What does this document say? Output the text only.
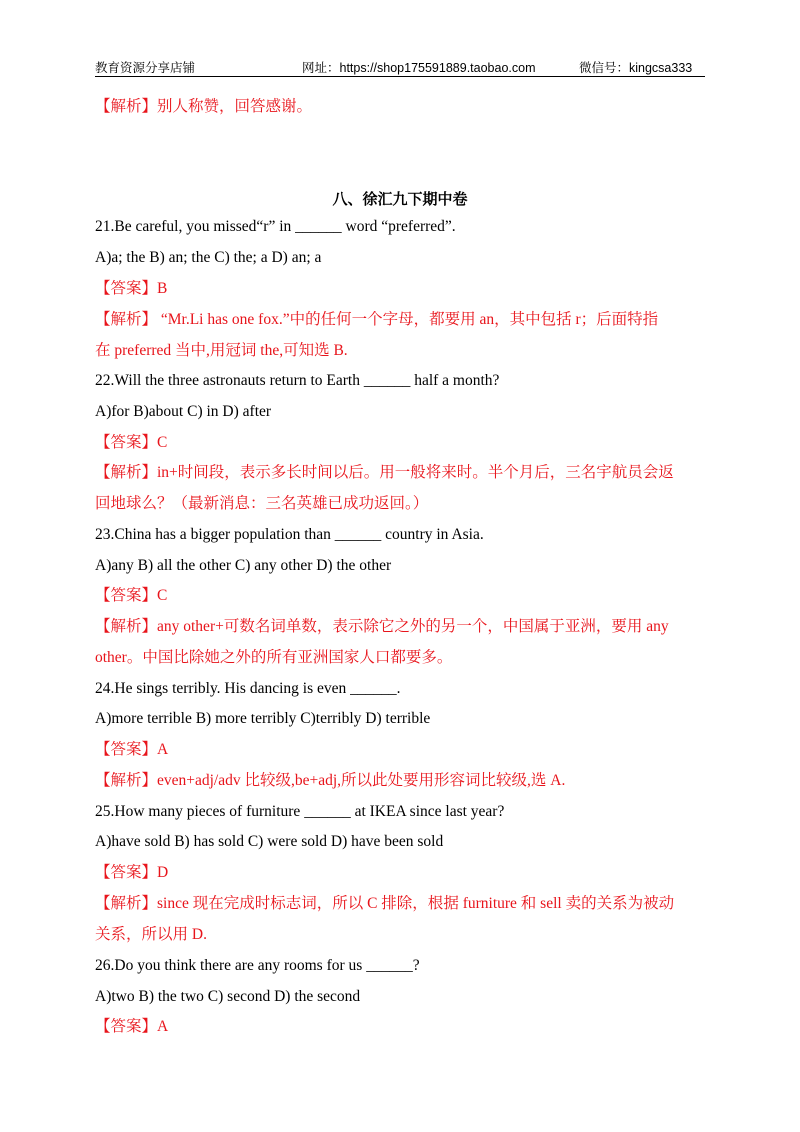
教育资源分享店铺	网址：https://shop175591889.taobao.com	微信号：kingcsa333
【解析】别人称赞，回答感谢。
八、徐汇九下期中卷
21.Be careful, you missed“r” in ______ word “preferred”.
A)a; the B) an; the C) the; a D) an; a
【答案】B
【解析】 “Mr.Li has one fox.”中的任何一个字母，都要用 an，其中包括 r；后面特指
在 preferred 当中,用冠词 the,可知选 B.
22.Will the three astronauts return to Earth ______ half a month?
A)for B)about C) in D) after
【答案】C
【解析】in+时间段，表示多长时间以后。用一般将来时。半个月后，三名宇航员会返
回地球么？（最新消息：三名英雄已成功返回。）
23.China has a bigger population than ______ country in Asia.
A)any B) all the other C) any other D) the other
【答案】C
【解析】any other+可数名词单数，表示除它之外的另一个，中国属于亚洲，要用 any
other。中国比除她之外的所有亚洲国家人口都要多。
24.He sings terribly. His dancing is even ______.
A)more terrible B) more terribly C)terribly D) terrible
【答案】A
【解析】even+adj/adv 比较级,be+adj,所以此处要用形容词比较级,选 A.
25.How many pieces of furniture ______ at IKEA since last year?
A)have sold B) has sold C) were sold D) have been sold
【答案】D
【解析】since 现在完成时标志词，所以 C 排除，根据 furniture 和 sell 卖的关系为被动
关系，所以用 D.
26.Do you think there are any rooms for us ______?
A)two B) the two C) second D) the second
【答案】A
